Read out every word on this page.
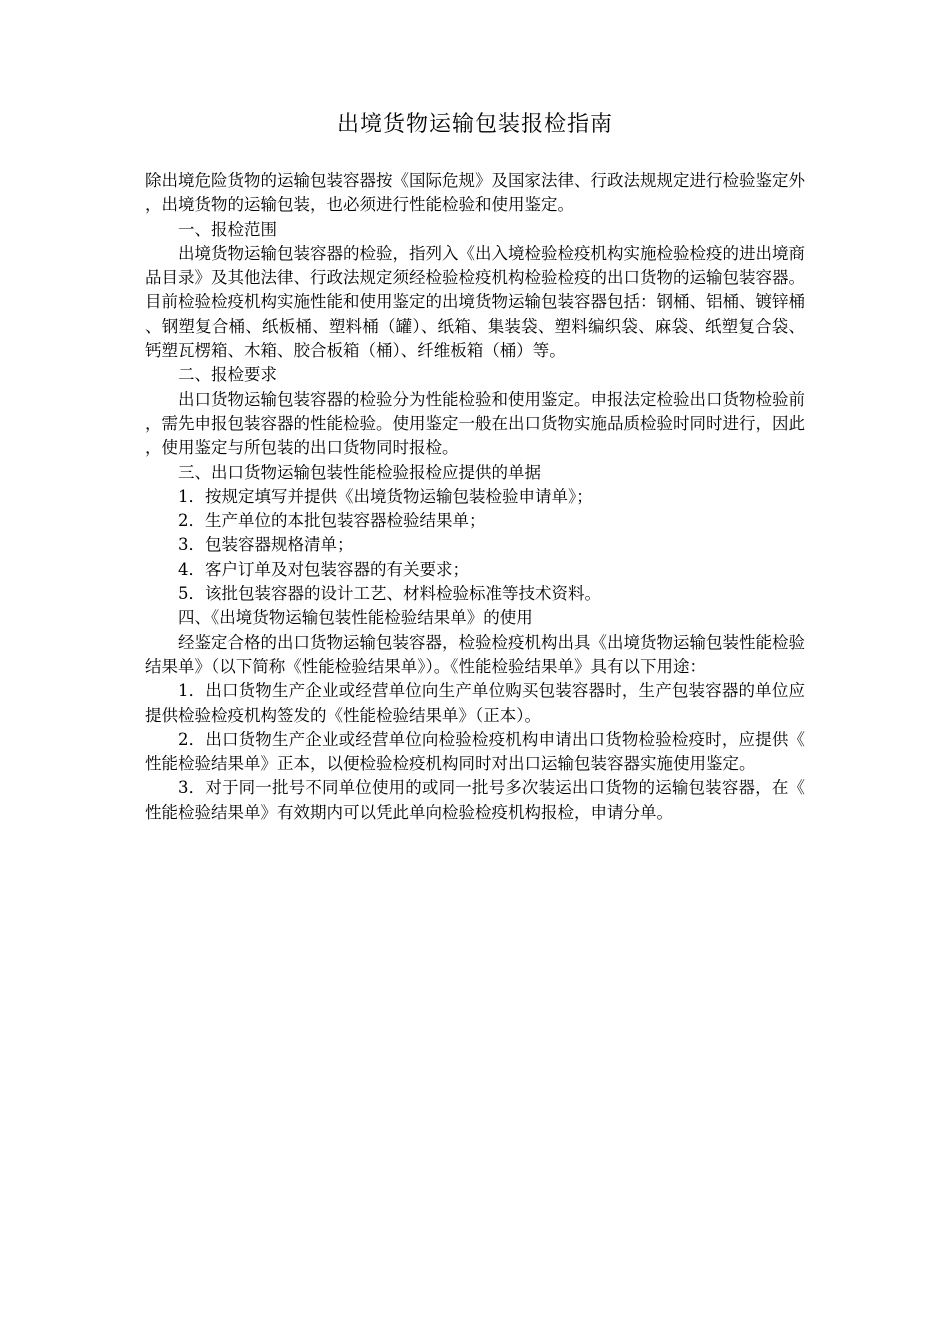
出境货物运输包装报检指南

除出境危险货物的运输包装容器按《国际危规》及国家法律、行政法规规定进行检验鉴定外，出境货物的运输包装，也必须进行性能检验和使用鉴定。

一、报检范围

出境货物运输包装容器的检验，指列入《出入境检验检疫机构实施检验检疫的进出境商品目录》及其他法律、行政法规定须经检验检疫机构检验检疫的出口货物的运输包装容器。目前检验检疫机构实施性能和使用鉴定的出境货物运输包装容器包括：钢桶、铝桶、镀锌桶、钢塑复合桶、纸板桶、塑料桶（罐）、纸箱、集装袋、塑料编织袋、麻袋、纸塑复合袋、钙塑瓦楞箱、木箱、胶合板箱（桶）、纤维板箱（桶）等。

二、报检要求

出口货物运输包装容器的检验分为性能检验和使用鉴定。申报法定检验出口货物检验前，需先申报包装容器的性能检验。使用鉴定一般在出口货物实施品质检验时同时进行，因此，使用鉴定与所包装的出口货物同时报检。

三、出口货物运输包装性能检验报检应提供的单据

1．按规定填写并提供《出境货物运输包装检验申请单》；

2．生产单位的本批包装容器检验结果单；

3．包装容器规格清单；

4．客户订单及对包装容器的有关要求；

5．该批包装容器的设计工艺、材料检验标准等技术资料。

四、《出境货物运输包装性能检验结果单》的使用

经鉴定合格的出口货物运输包装容器，检验检疫机构出具《出境货物运输包装性能检验结果单》（以下简称《性能检验结果单》）。《性能检验结果单》具有以下用途：

1．出口货物生产企业或经营单位向生产单位购买包装容器时，生产包装容器的单位应提供检验检疫机构签发的《性能检验结果单》（正本）。

2．出口货物生产企业或经营单位向检验检疫机构申请出口货物检验检疫时，应提供《性能检验结果单》正本，以便检验检疫机构同时对出口运输包装容器实施使用鉴定。

3．对于同一批号不同单位使用的或同一批号多次装运出口货物的运输包装容器，在《性能检验结果单》有效期内可以凭此单向检验检疫机构报检，申请分单。
